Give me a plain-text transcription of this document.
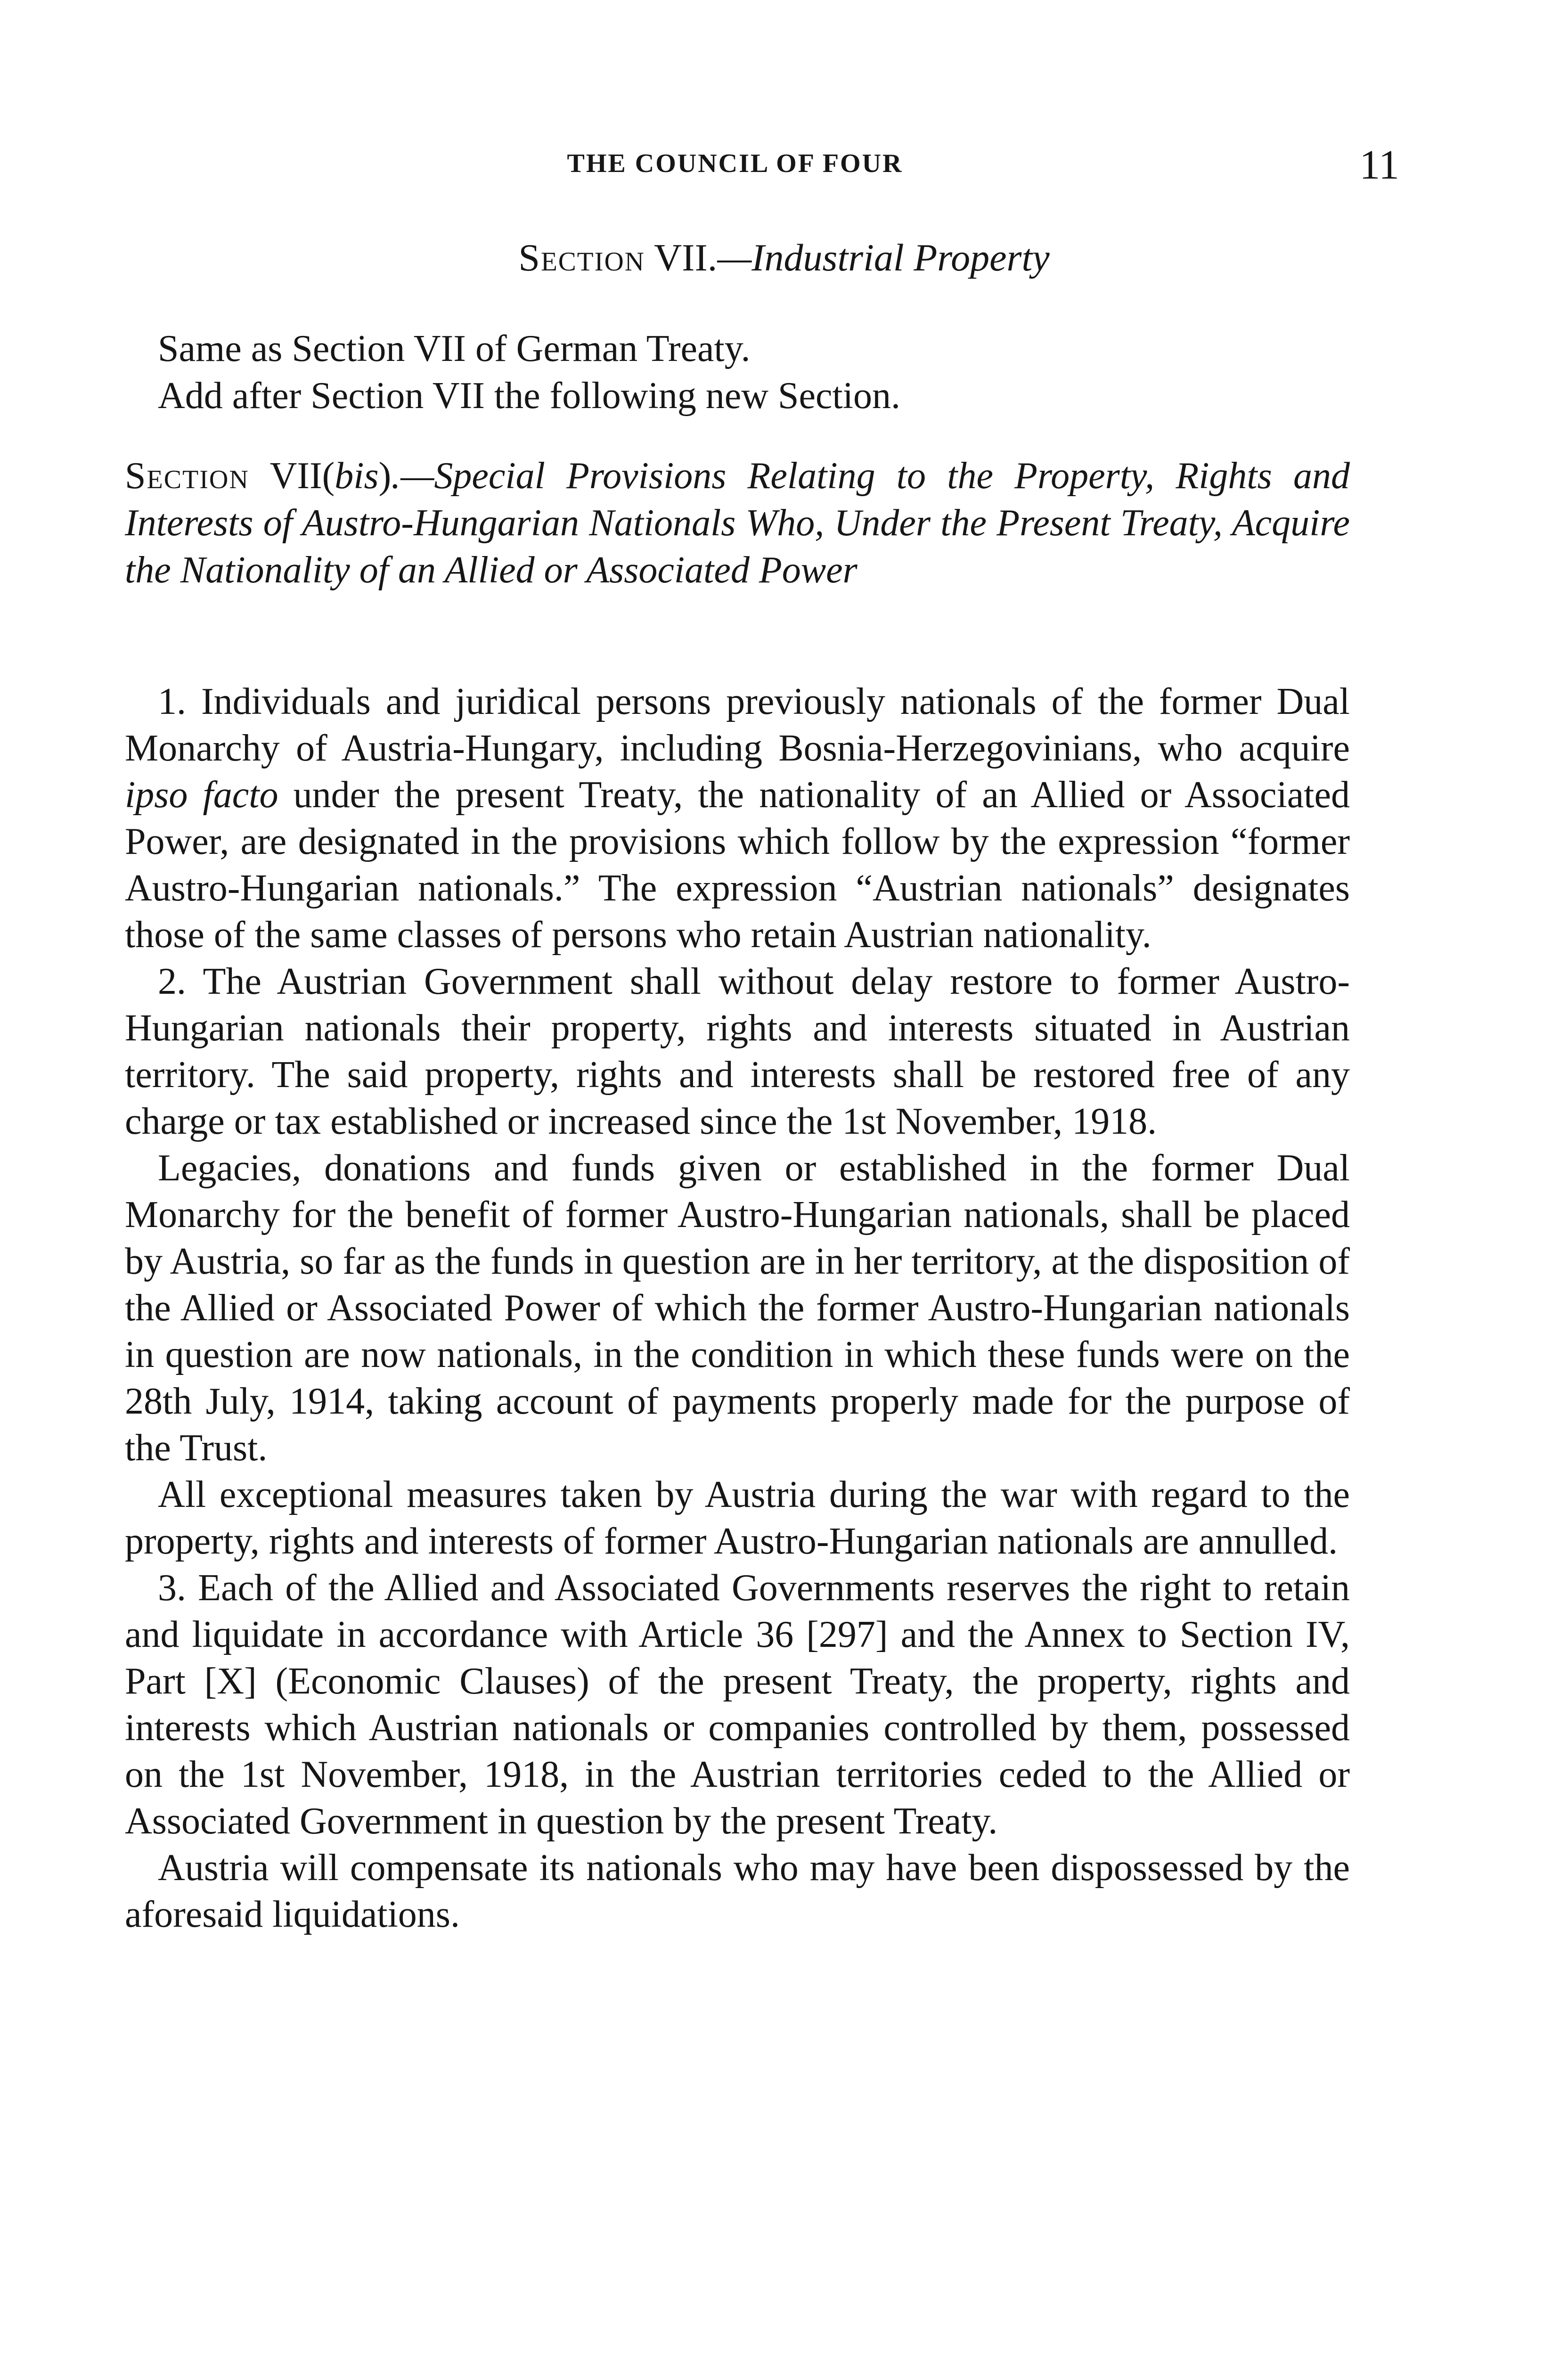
THE COUNCIL OF FOUR	11
Section VII.—Industrial Property

Same as Section VII of German Treaty.

Add after Section VII the following new Section.

Section VII(bis).—Special Provisions Relating to the Property, Rights and Interests of Austro-Hungarian Nationals Who, Under the Present Treaty, Acquire the Nationality of an Allied or Associated Power

1. Individuals and juridical persons previously nationals of the former Dual Monarchy of Austria-Hungary, including Bosnia-Herzegovinians, who acquire ipso facto under the present Treaty, the nationality of an Allied or Associated Power, are designated in the provisions which follow by the expression “former Austro-Hungarian nationals.” The expression “Austrian nationals” designates those of the same classes of persons who retain Austrian nationality.

2. The Austrian Government shall without delay restore to former Austro-Hungarian nationals their property, rights and interests situated in Austrian territory. The said property, rights and interests shall be restored free of any charge or tax established or increased since the 1st November, 1918.

Legacies, donations and funds given or established in the former Dual Monarchy for the benefit of former Austro-Hungarian nationals, shall be placed by Austria, so far as the funds in question are in her territory, at the disposition of the Allied or Associated Power of which the former Austro-Hungarian nationals in question are now nationals, in the condition in which these funds were on the 28th July, 1914, taking account of payments properly made for the purpose of the Trust.

All exceptional measures taken by Austria during the war with regard to the property, rights and interests of former Austro-Hungarian nationals are annulled.

3. Each of the Allied and Associated Governments reserves the right to retain and liquidate in accordance with Article 36 [297] and the Annex to Section IV, Part [X] (Economic Clauses) of the present Treaty, the property, rights and interests which Austrian nationals or companies controlled by them, possessed on the 1st November, 1918, in the Austrian territories ceded to the Allied or Associated Government in question by the present Treaty.

Austria will compensate its nationals who may have been dispossessed by the aforesaid liquidations.
